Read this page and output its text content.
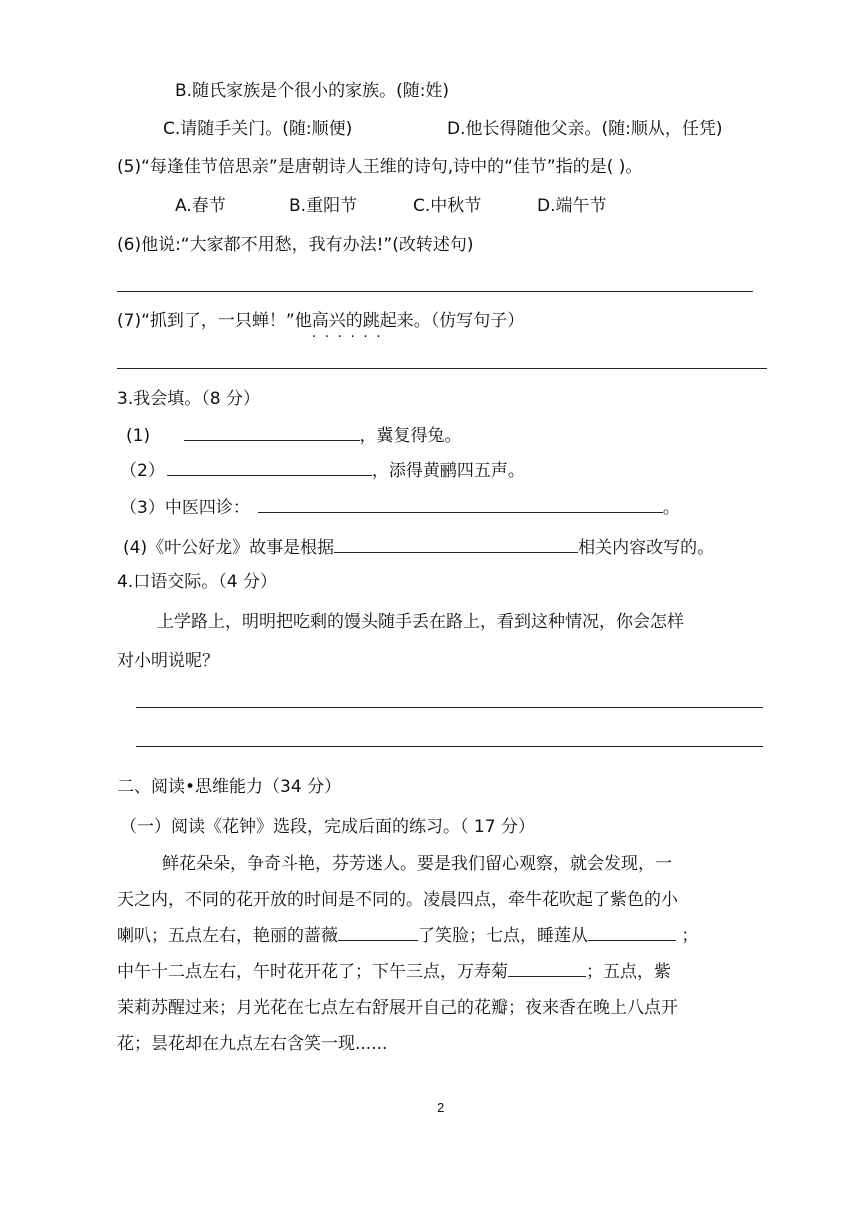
B.随氏家族是个很小的家族。(随:姓)
C.请随手关门。(随:顺便)	D.他长得随他父亲。(随:顺从，任凭)
(5)“每逢佳节倍思亲”是唐朝诗人王维的诗句,诗中的“佳节”指的是( )。
A.春节	B.重阳节	C.中秋节	D.端午节
(6)他说:“大家都不用愁，我有办法!”(改转述句)
(7)“抓到了，一只蝉！”他高兴的跳起来 · · ·。（仿写句子）
3.我会填。（8 分）
(1)	，冀复得兔。
（2）	，添得黄鹂四五声。
（3）中医四诊：	。
(4)《叶公好龙》故事是根据	相关内容改写的。
4.口语交际。（4 分）
上学路上，明明把吃剩的馒头随手丢在路上，看到这种情况，你会怎样
对小明说呢？
二、阅读•思维能力（34 分）
（一）阅读《花钟》选段，完成后面的练习。（ 17 分）
鲜花朵朵，争奇斗艳，芬芳迷人。要是我们留心观察，就会发现，一
天之内，不同的花开放的时间是不同的。凌晨四点，牵牛花吹起了紫色的小
喇叭；五点左右，艳丽的蔷薇	了笑脸；七点，睡莲从	；
中午十二点左右，午时花开花了；下午三点，万寿菊	；五点，紫
茉莉苏醒过来；月光花在七点左右舒展开自己的花瓣；夜来香在晚上八点开
花；昙花却在九点左右含笑一现......
2
